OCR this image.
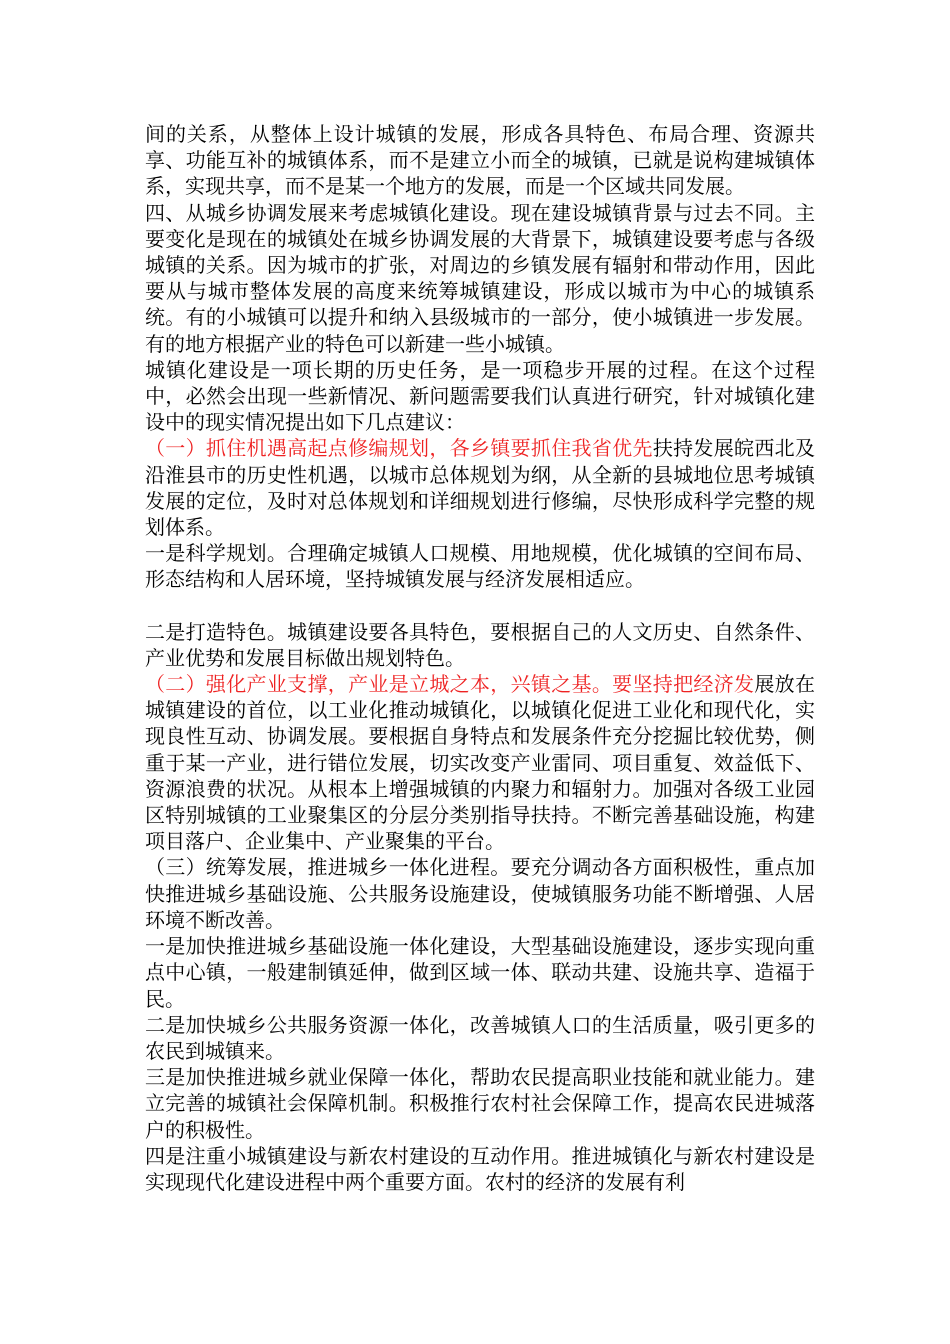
间的关系，从整体上设计城镇的发展，形成各具特色、布局合理、资源共享、功能互补的城镇体系，而不是建立小而全的城镇，已就是说构建城镇体系，实现共享，而不是某一个地方的发展，而是一个区域共同发展。

四、从城乡协调发展来考虑城镇化建设。现在建设城镇背景与过去不同。主要变化是现在的城镇处在城乡协调发展的大背景下，城镇建设要考虑与各级城镇的关系。因为城市的扩张，对周边的乡镇发展有辐射和带动作用，因此要从与城市整体发展的高度来统筹城镇建设，形成以城市为中心的城镇系统。有的小城镇可以提升和纳入县级城市的一部分，使小城镇进一步发展。有的地方根据产业的特色可以新建一些小城镇。

城镇化建设是一项长期的历史任务，是一项稳步开展的过程。在这个过程中，必然会出现一些新情况、新问题需要我们认真进行研究，针对城镇化建设中的现实情况提出如下几点建议：

（一）抓住机遇高起点修编规划，各乡镇要抓住我省优先扶持发展皖西北及沿淮县市的历史性机遇，以城市总体规划为纲，从全新的县城地位思考城镇发展的定位，及时对总体规划和详细规划进行修编，尽快形成科学完整的规划体系。

一是科学规划。合理确定城镇人口规模、用地规模，优化城镇的空间布局、形态结构和人居环境，坚持城镇发展与经济发展相适应。

二是打造特色。城镇建设要各具特色，要根据自己的人文历史、自然条件、产业优势和发展目标做出规划特色。

（二）强化产业支撑，产业是立城之本，兴镇之基。要坚持把经济发展放在城镇建设的首位，以工业化推动城镇化，以城镇化促进工业化和现代化，实现良性互动、协调发展。要根据自身特点和发展条件充分挖掘比较优势，侧重于某一产业，进行错位发展，切实改变产业雷同、项目重复、效益低下、资源浪费的状况。从根本上增强城镇的内聚力和辐射力。加强对各级工业园区特别城镇的工业聚集区的分层分类别指导扶持。不断完善基础设施，构建项目落户、企业集中、产业聚集的平台。

（三）统筹发展，推进城乡一体化进程。要充分调动各方面积极性，重点加快推进城乡基础设施、公共服务设施建设，使城镇服务功能不断增强、人居环境不断改善。

一是加快推进城乡基础设施一体化建设，大型基础设施建设，逐步实现向重点中心镇，一般建制镇延伸，做到区域一体、联动共建、设施共享、造福于民。

二是加快城乡公共服务资源一体化，改善城镇人口的生活质量，吸引更多的农民到城镇来。

三是加快推进城乡就业保障一体化，帮助农民提高职业技能和就业能力。建立完善的城镇社会保障机制。积极推行农村社会保障工作，提高农民进城落户的积极性。

四是注重小城镇建设与新农村建设的互动作用。推进城镇化与新农村建设是实现现代化建设进程中两个重要方面。农村的经济的发展有利
